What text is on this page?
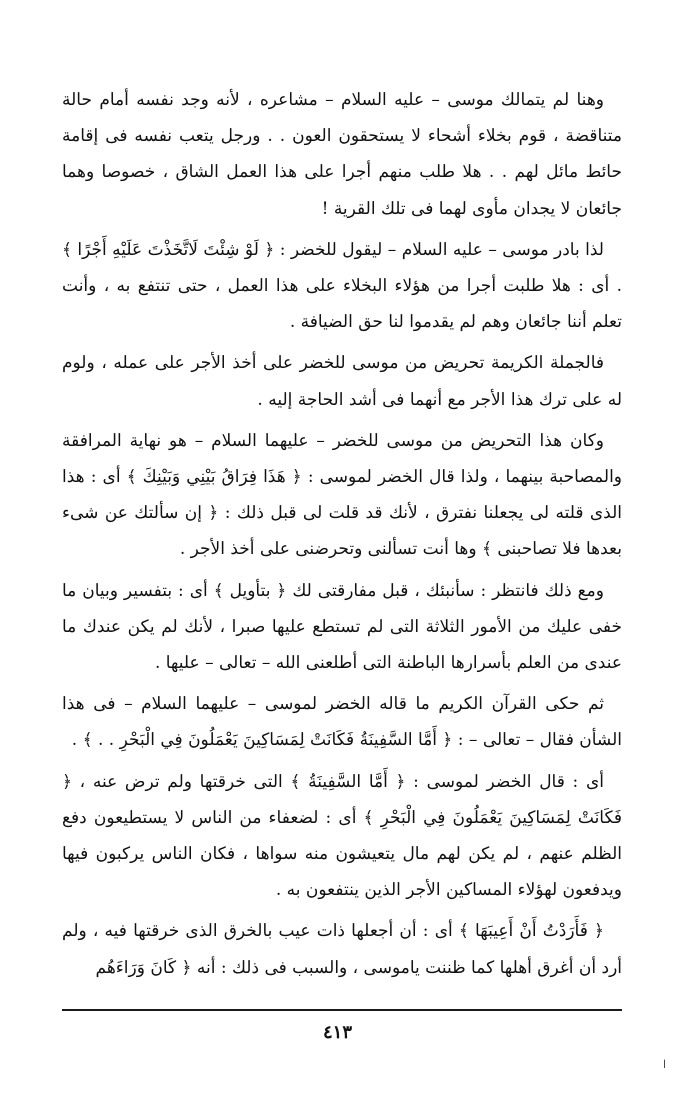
وهنا لم يتمالك موسى – عليه السلام – مشاعره ، لأنه وجد نفسه أمام حالة متناقضة ، قوم بخلاء أشحاء لا يستحقون العون . . ورجل يتعب نفسه فى إقامة حائط مائل لهم . . هلا طلب منهم أجرا على هذا العمل الشاق ، خصوصا وهما جائعان لا يجدان مأوى لهما فى تلك القرية !

لذا بادر موسى – عليه السلام – ليقول للخضر : ﴿ لَوْ شِئْتَ لَاتَّخَذْتَ عَلَيْهِ أَجْرًا ﴾ . أى : هلا طلبت أجرا من هؤلاء البخلاء على هذا العمل ، حتى تنتفع به ، وأنت تعلم أننا جائعان وهم لم يقدموا لنا حق الضيافة .

فالجملة الكريمة تحريض من موسى للخضر على أخذ الأجر على عمله ، ولوم له على ترك هذا الأجر مع أنهما فى أشد الحاجة إليه .

وكان هذا التحريض من موسى للخضر – عليهما السلام – هو نهاية المرافقة والمصاحبة بينهما ، ولذا قال الخضر لموسى : ﴿ هَذَا فِرَاقُ بَيْنِي وَبَيْنِكَ ﴾ أى : هذا الذى قلته لى يجعلنا نفترق ، لأنك قد قلت لى قبل ذلك : ﴿ إن سألتك عن شىء بعدها فلا تصاحبنى ﴾ وها أنت تسألنى وتحرضنى على أخذ الأجر .

ومع ذلك فانتظر : سأنبئك ، قبل مفارقتى لك ﴿ بتأويل ﴾ أى : بتفسير وبيان ما خفى عليك من الأمور الثلاثة التى لم تستطع عليها صبرا ، لأنك لم يكن عندك ما عندى من العلم بأسرارها الباطنة التى أطلعنى الله – تعالى – عليها .

ثم حكى القرآن الكريم ما قاله الخضر لموسى – عليهما السلام – فى هذا الشأن فقال – تعالى – : ﴿ أَمَّا السَّفِينَةُ فَكَانَتْ لِمَسَاكِينَ يَعْمَلُونَ فِي الْبَحْرِ . . ﴾ .

أى : قال الخضر لموسى : ﴿ أَمَّا السَّفِينَةُ ﴾ التى خرقتها ولم ترض عنه ، ﴿ فَكَانَتْ لِمَسَاكِينَ يَعْمَلُونَ فِي الْبَحْرِ ﴾ أى : لضعفاء من الناس لا يستطيعون دفع الظلم عنهم ، لم يكن لهم مال يتعيشون منه سواها ، فكان الناس يركبون فيها ويدفعون لهؤلاء المساكين الأجر الذين ينتفعون به .

﴿ فَأَرَدْتُ أَنْ أَعِيبَهَا ﴾ أى : أن أجعلها ذات عيب بالخرق الذى خرقتها فيه ، ولم أرد أن أغرق أهلها كما ظننت ياموسى ، والسبب فى ذلك : أنه ﴿ كَانَ وَرَاءَهُم

٤١٣
ا
